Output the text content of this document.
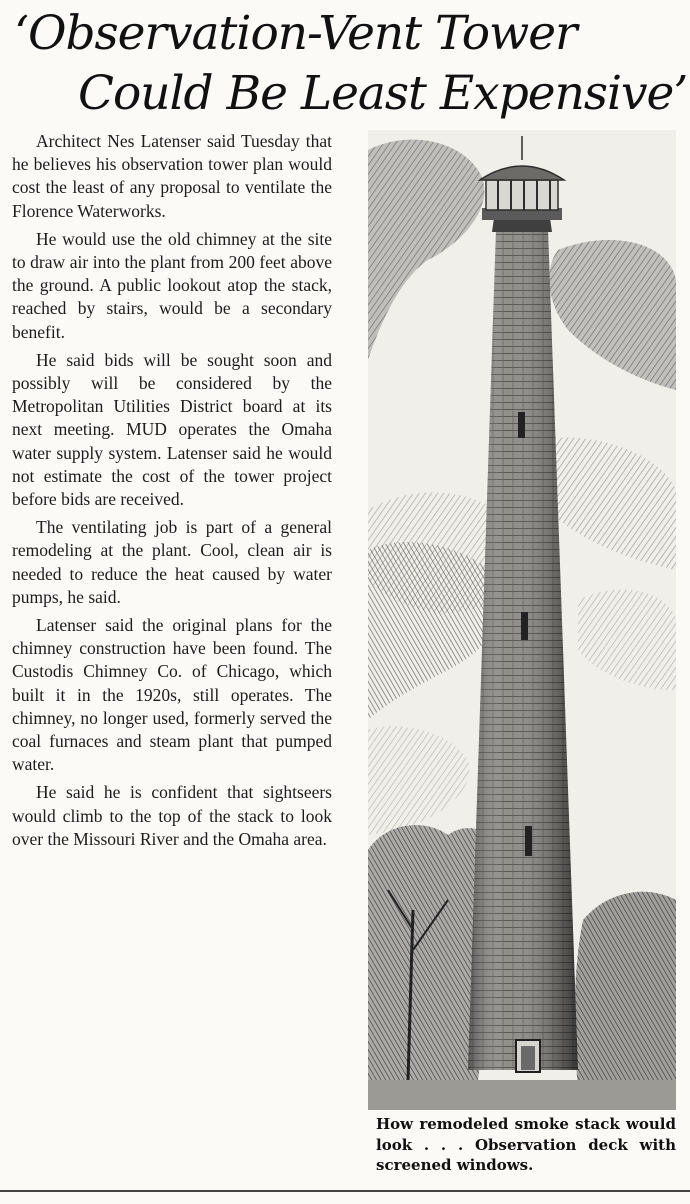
‘Observation-Vent Tower
Could Be Least Expensive’

Architect Nes Latenser said Tuesday that he believes his observation tower plan would cost the least of any proposal to ventilate the Florence Waterworks.

He would use the old chimney at the site to draw air into the plant from 200 feet above the ground. A public lookout atop the stack, reached by stairs, would be a secondary benefit.

He said bids will be sought soon and possibly will be considered by the Metropolitan Utilities District board at its next meeting. MUD operates the Omaha water supply system. Latenser said he would not estimate the cost of the tower project before bids are received.

The ventilating job is part of a general remodeling at the plant. Cool, clean air is needed to reduce the heat caused by water pumps, he said.

Latenser said the original plans for the chimney construction have been found. The Custodis Chimney Co. of Chicago, which built it in the 1920s, still operates. The chimney, no longer used, formerly served the coal furnaces and steam plant that pumped water.

He said he is confident that sightseers would climb to the top of the stack to look over the Missouri River and the Omaha area.

How remodeled smoke stack would look . . . Observation deck with screened windows.
